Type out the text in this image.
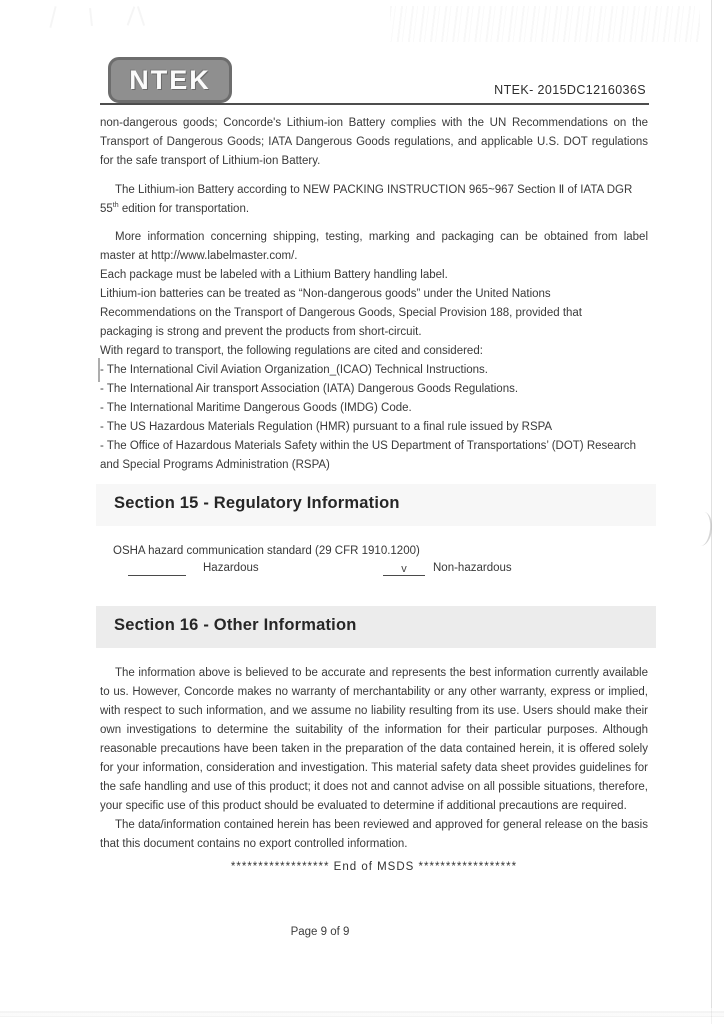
NTEK	NTEK- 2015DC1216036S

non-dangerous goods; Concorde's Lithium-ion Battery complies with the UN Recommendations on the Transport of Dangerous Goods; IATA Dangerous Goods regulations, and applicable U.S. DOT regulations for the safe transport of Lithium-ion Battery.

The Lithium-ion Battery according to NEW PACKING INSTRUCTION 965~967 Section Ⅱ of IATA DGR 55th edition for transportation.

More information concerning shipping, testing, marking and packaging can be obtained from label master at http://www.labelmaster.com/.

Each package must be labeled with a Lithium Battery handling label.
Lithium-ion batteries can be treated as “Non-dangerous goods” under the United Nations
Recommendations on the Transport of Dangerous Goods, Special Provision 188, provided that
packaging is strong and prevent the products from short-circuit.
With regard to transport, the following regulations are cited and considered:
- The International Civil Aviation Organization_(ICAO) Technical Instructions.
- The International Air transport Association (IATA) Dangerous Goods Regulations.
- The International Maritime Dangerous Goods (IMDG) Code.
- The US Hazardous Materials Regulation (HMR) pursuant to a final rule issued by RSPA
- The Office of Hazardous Materials Safety within the US Department of Transportations’ (DOT) Research and Special Programs Administration (RSPA)
Section 15 - Regulatory Information
OSHA hazard communication standard (29 CFR 1910.1200)
Hazardous	v	Non-hazardous
Section 16 - Other Information

The information above is believed to be accurate and represents the best information currently available to us. However, Concorde makes no warranty of merchantability or any other warranty, express or implied, with respect to such information, and we assume no liability resulting from its use. Users should make their own investigations to determine the suitability of the information for their particular purposes. Although reasonable precautions have been taken in the preparation of the data contained herein, it is offered solely for your information, consideration and investigation. This material safety data sheet provides guidelines for the safe handling and use of this product; it does not and cannot advise on all possible situations, therefore, your specific use of this product should be evaluated to determine if additional precautions are required.

The data/information contained herein has been reviewed and approved for general release on the basis that this document contains no export controlled information.

****************** End of MSDS ******************
Page 9 of 9
